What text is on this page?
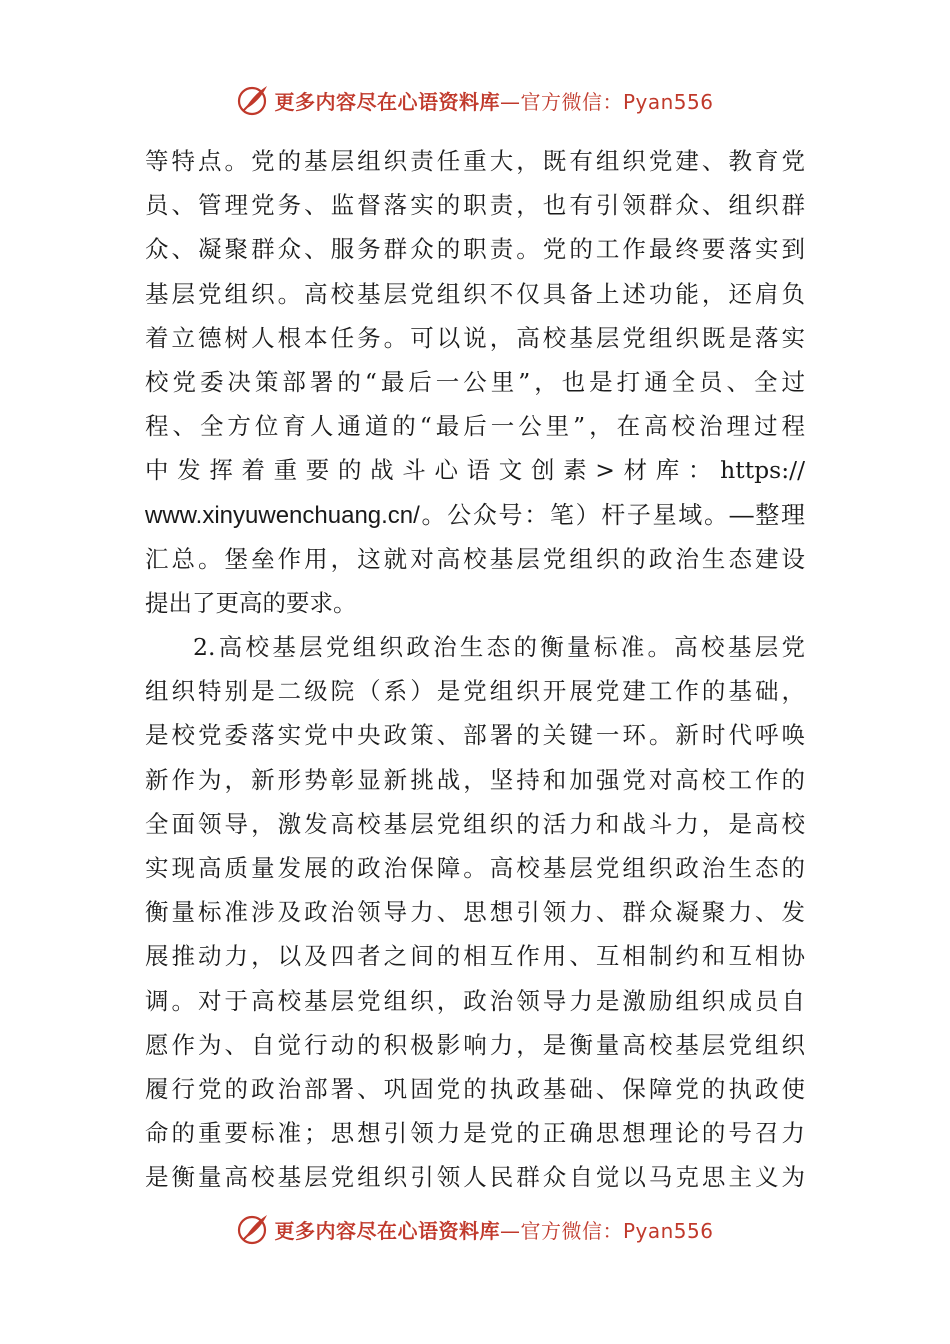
更多内容尽在心语资料库 —官方微信：Pyan556
等特点。党的基层组织责任重大，既有组织党建、教育党
员、管理党务、监督落实的职责，也有引领群众、组织群
众、凝聚群众、服务群众的职责。党的工作最终要落实到
基层党组织。高校基层党组织不仅具备上述功能，还肩负
着立德树人根本任务。可以说，高校基层党组织既是落实
校党委决策部署的“最后一公里”，也是打通全员、全过
程、全方位育人通道的“最后一公里”，在高校治理过程
中发挥着重要的战斗心语文创素>材库：https://
www.xinyuwenchuang.cn/。公众号：笔）杆子星域。—整理
汇总。堡垒作用，这就对高校基层党组织的政治生态建设
提出了更高的要求。
2.高校基层党组织政治生态的衡量标准。高校基层党
组织特别是二级院（系）是党组织开展党建工作的基础，
是校党委落实党中央政策、部署的关键一环。新时代呼唤
新作为，新形势彰显新挑战，坚持和加强党对高校工作的
全面领导，激发高校基层党组织的活力和战斗力，是高校
实现高质量发展的政治保障。高校基层党组织政治生态的
衡量标准涉及政治领导力、思想引领力、群众凝聚力、发
展推动力，以及四者之间的相互作用、互相制约和互相协
调。对于高校基层党组织，政治领导力是激励组织成员自
愿作为、自觉行动的积极影响力，是衡量高校基层党组织
履行党的政治部署、巩固党的执政基础、保障党的执政使
命的重要标准；思想引领力是党的正确思想理论的号召力
是衡量高校基层党组织引领人民群众自觉以马克思主义为
更多内容尽在心语资料库 —官方微信：Pyan556
